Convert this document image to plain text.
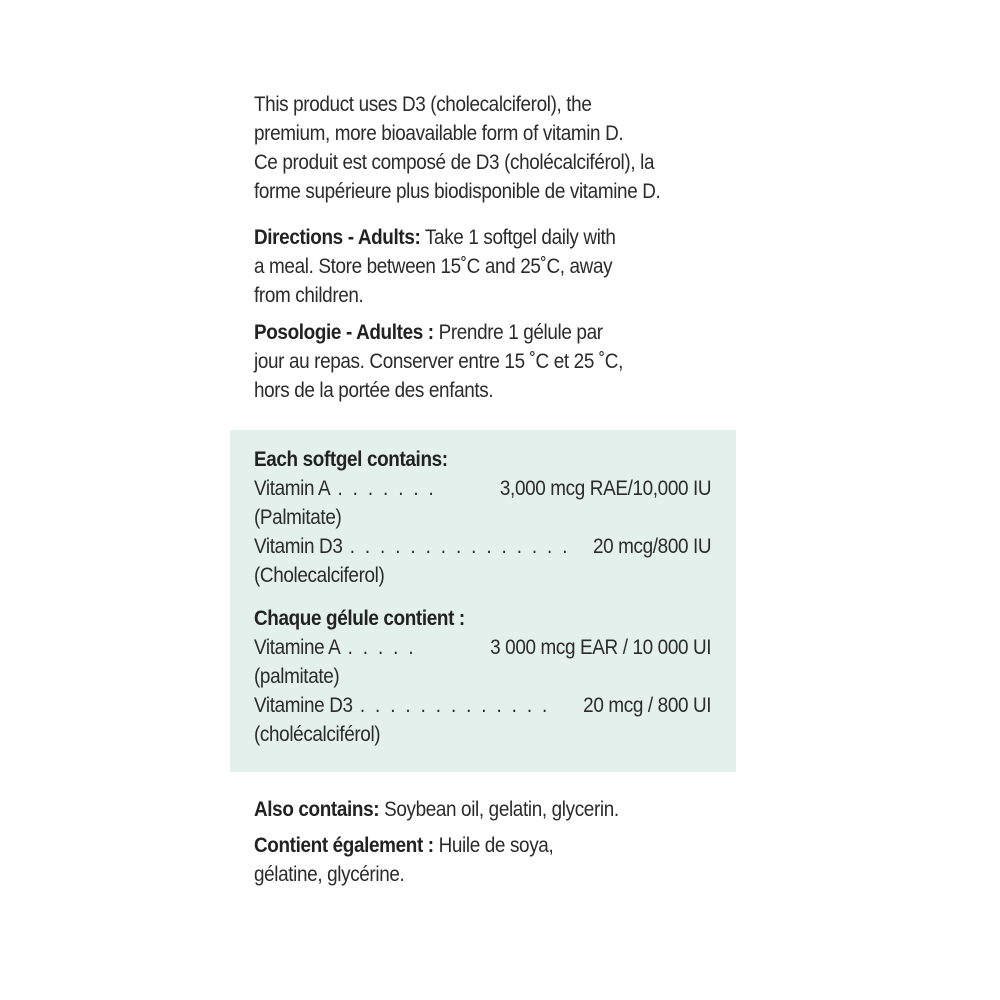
This product uses D3 (cholecalciferol), the
premium, more bioavailable form of vitamin D.
Ce produit est composé de D3 (cholécalciférol), la
forme supérieure plus biodisponible de vitamine D.
Directions - Adults: Take 1 softgel daily with
a meal. Store between 15˚C and 25˚C, away
from children.
Posologie - Adultes : Prendre 1 gélule par
jour au repas. Conserver entre 15 ˚C et 25 ˚C,
hors de la portée des enfants.
Each softgel contains:
Vitamin A . . . . . . .	3,000 mcg RAE/10,000 IU
(Palmitate)
Vitamin D3 . . . . . . . . . . . . . . . 20 mcg/800 IU
(Cholecalciferol)
Chaque gélule contient :
Vitamine A . . . . .	3 000 mcg EAR / 10 000 UI
(palmitate)
Vitamine D3 . . . . . . . . . . . . . 20 mcg / 800 UI
(cholécalciférol)
Also contains: Soybean oil, gelatin, glycerin.
Contient également : Huile de soya,
gélatine, glycérine.
